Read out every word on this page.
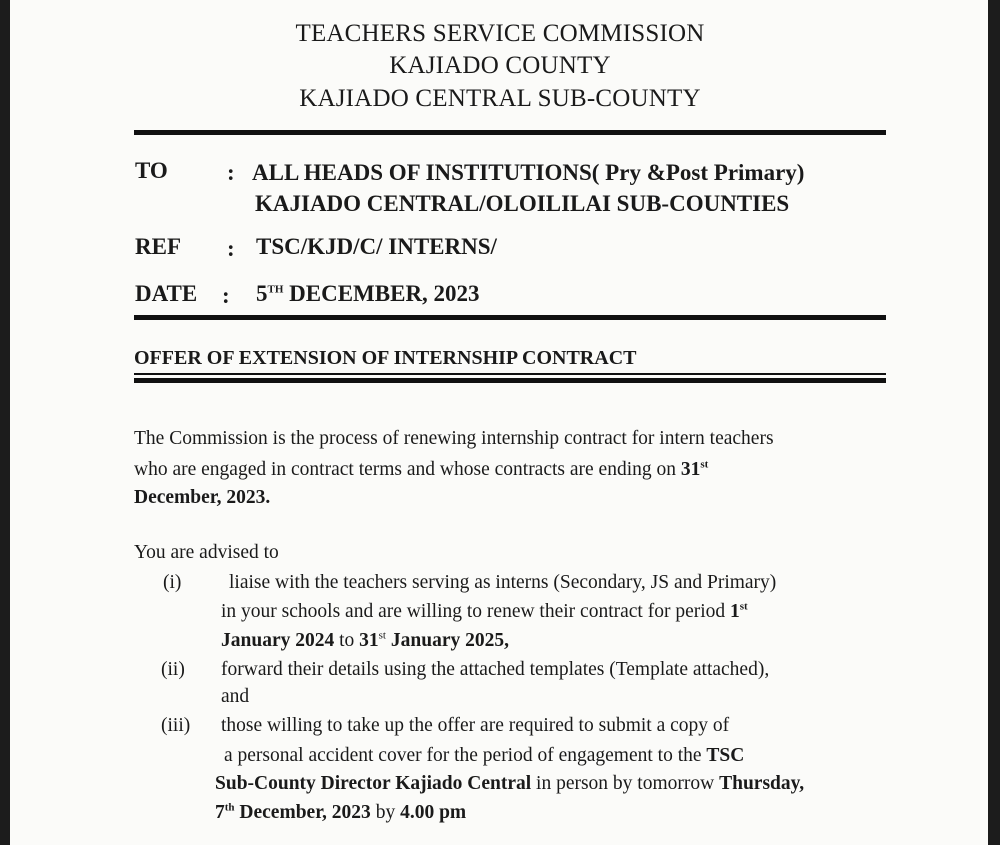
TEACHERS SERVICE COMMISSION
KAJIADO COUNTY
KAJIADO CENTRAL SUB-COUNTY
TO	: ALL HEADS OF INSTITUTIONS( Pry &Post Primary)
KAJIADO CENTRAL/OLOILILAI SUB-COUNTIES
REF : TSC/KJD/C/ INTERNS/
DATE : 5TH DECEMBER, 2023
OFFER OF EXTENSION OF INTERNSHIP CONTRACT
The Commission is the process of renewing internship contract for intern teachers
who are engaged in contract terms and whose contracts are ending on 31st
December, 2023.
You are advised to
(i) liaise with the teachers serving as interns (Secondary, JS and Primary)
in your schools and are willing to renew their contract for period 1st
January 2024 to 31st January 2025,
(ii) forward their details using the attached templates (Template attached),
and
(iii) those willing to take up the offer are required to submit a copy of
a personal accident cover for the period of engagement to the TSC
Sub-County Director Kajiado Central in person by tomorrow Thursday,
7th December, 2023 by 4.00 pm
